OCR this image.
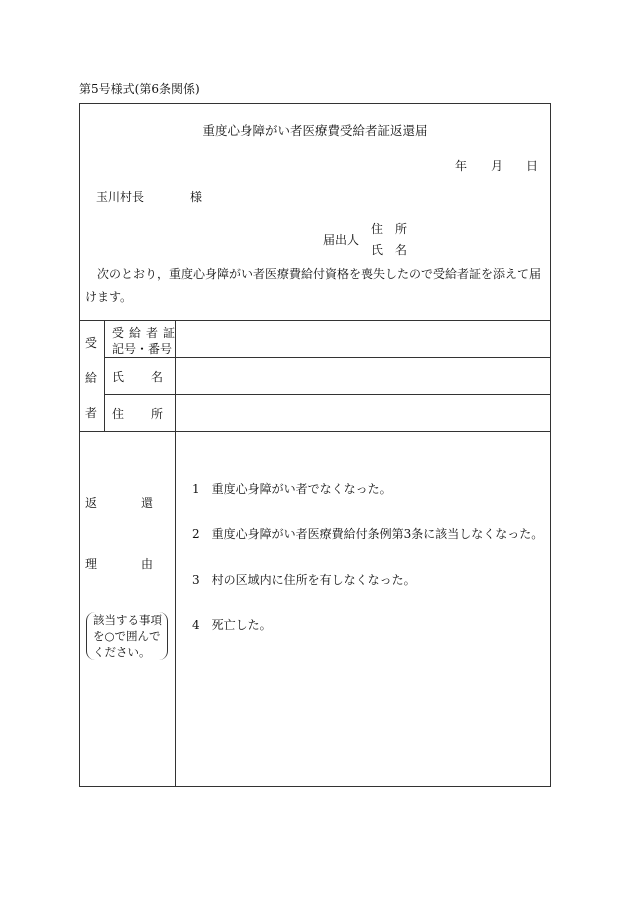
第5号様式(第6条関係)
重度心身障がい者医療費受給者証返還届
年 月 日
玉川村長	様
届出人
住　所
氏　名
次のとおり，重度心身障がい者医療費給付資格を喪失したので受給者証を添えて届けます。
受
給
者
受給者証
記号・番号
氏　　名
住　　所
返　　　還
理　　　由
該当する事項を○で囲んでください。
1 重度心身障がい者でなくなった。
2 重度心身障がい者医療費給付条例第3条に該当しなくなった。
3 村の区域内に住所を有しなくなった。
4 死亡した。
